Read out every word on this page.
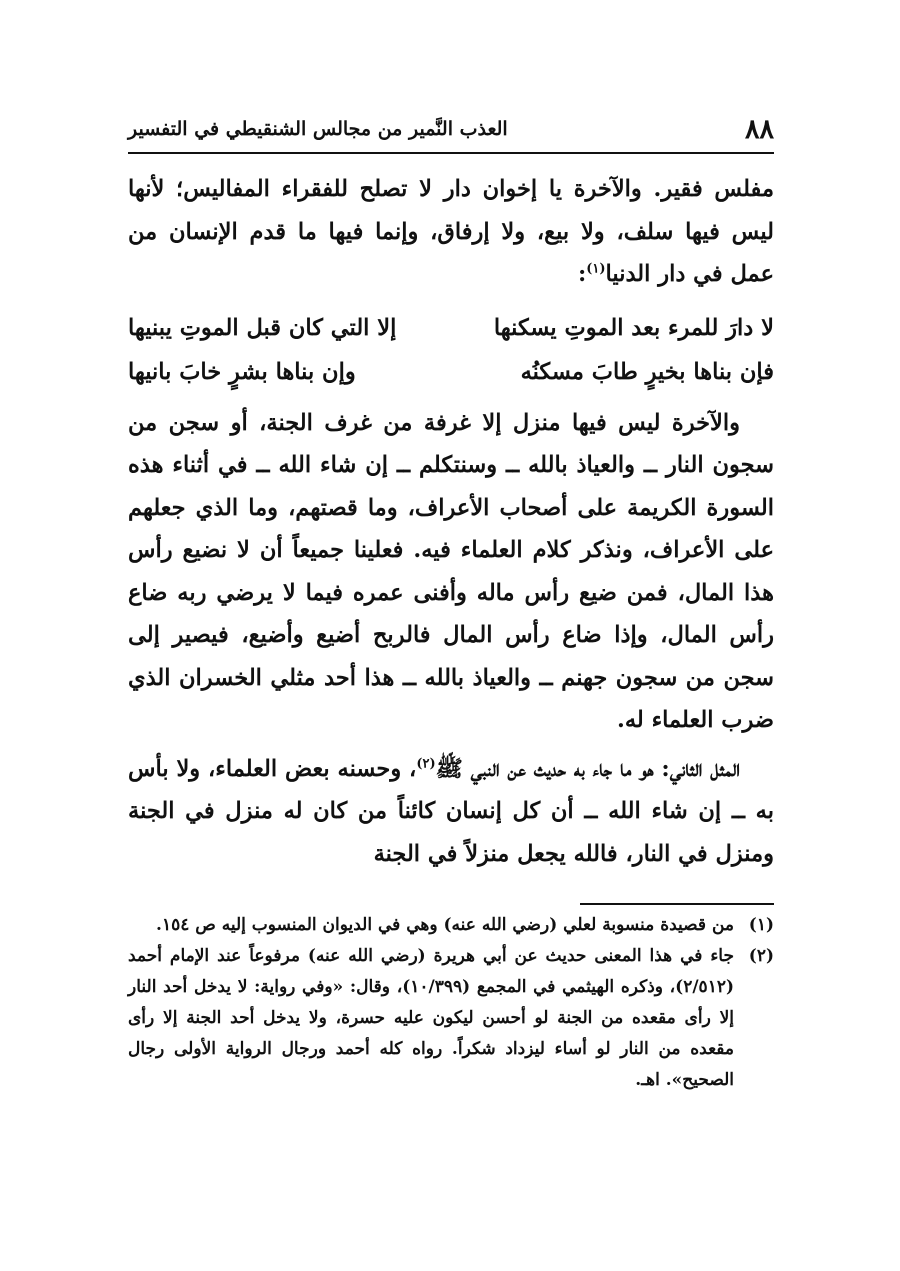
٨٨
العذب النَّمير من مجالس الشنقيطي في التفسير

مفلس فقير. والآخرة يا إخوان دار لا تصلح للفقراء المفاليس؛ لأنها ليس فيها سلف، ولا بيع، ولا إرفاق، وإنما فيها ما قدم الإنسان من عمل في دار الدنيا$^{(١)}$:

لا دارَ للمرء بعد الموتِ يسكنها
إلا التي كان قبل الموتِ يبنيها
فإن بناها بخيرٍ طابَ مسكنُه
وإن بناها بشرٍ خابَ بانيها

والآخرة ليس فيها منزل إلا غرفة من غرف الجنة، أو سجن من سجون النار ــ والعياذ بالله ــ وسنتكلم ــ إن شاء الله ــ في أثناء هذه السورة الكريمة على أصحاب الأعراف، وما قصتهم، وما الذي جعلهم على الأعراف، ونذكر كلام العلماء فيه. فعلينا جميعاً أن لا نضيع رأس هذا المال، فمن ضيع رأس ماله وأفنى عمره فيما لا يرضي ربه ضاع رأس المال، وإذا ضاع رأس المال فالربح أضيع وأضيع، فيصير إلى سجن من سجون جهنم ــ والعياذ بالله ــ هذا أحد مثلي الخسران الذي ضرب العلماء له.

المثل الثاني: هو ما جاء به حديث عن النبي ﷺ$^{(٢)}$، وحسنه بعض العلماء، ولا بأس به ــ إن شاء الله ــ أن كل إنسان كائناً من كان له منزل في الجنة ومنزل في النار، فالله يجعل منزلاً في الجنة

(١)
من قصيدة منسوبة لعلي (رضي الله عنه) وهي في الديوان المنسوب إليه ص ١٥٤.

(٢)
جاء في هذا المعنى حديث عن أبي هريرة (رضي الله عنه) مرفوعاً عند الإمام أحمد (٢/٥١٢)، وذكره الهيثمي في المجمع (١٠/٣٩٩)، وقال: «وفي رواية: لا يدخل أحد النار إلا رأى مقعده من الجنة لو أحسن ليكون عليه حسرة، ولا يدخل أحد الجنة إلا رأى مقعده من النار لو أساء ليزداد شكراً. رواه كله أحمد ورجال الرواية الأولى رجال الصحيح». اهـ.
